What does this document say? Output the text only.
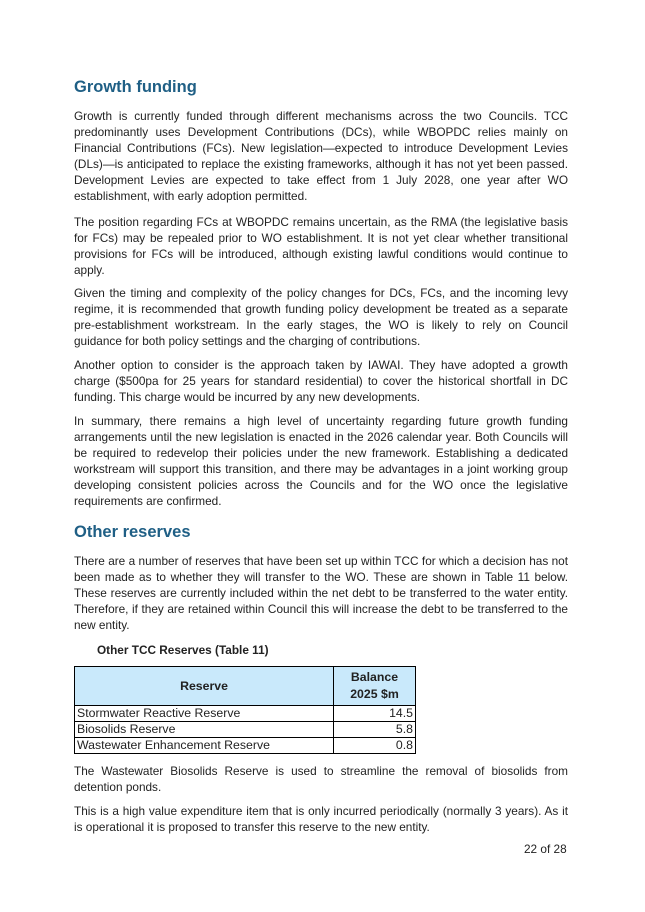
Growth funding

Growth is currently funded through different mechanisms across the two Councils. TCC predominantly uses Development Contributions (DCs), while WBOPDC relies mainly on Financial Contributions (FCs). New legislation—expected to introduce Development Levies (DLs)—is anticipated to replace the existing frameworks, although it has not yet been passed. Development Levies are expected to take effect from 1 July 2028, one year after WO establishment, with early adoption permitted.

The position regarding FCs at WBOPDC remains uncertain, as the RMA (the legislative basis for FCs) may be repealed prior to WO establishment. It is not yet clear whether transitional provisions for FCs will be introduced, although existing lawful conditions would continue to apply.

Given the timing and complexity of the policy changes for DCs, FCs, and the incoming levy regime, it is recommended that growth funding policy development be treated as a separate pre-establishment workstream. In the early stages, the WO is likely to rely on Council guidance for both policy settings and the charging of contributions.

Another option to consider is the approach taken by IAWAI. They have adopted a growth charge ($500pa for 25 years for standard residential) to cover the historical shortfall in DC funding. This charge would be incurred by any new developments.

In summary, there remains a high level of uncertainty regarding future growth funding arrangements until the new legislation is enacted in the 2026 calendar year. Both Councils will be required to redevelop their policies under the new framework. Establishing a dedicated workstream will support this transition, and there may be advantages in a joint working group developing consistent policies across the Councils and for the WO once the legislative requirements are confirmed.

Other reserves

There are a number of reserves that have been set up within TCC for which a decision has not been made as to whether they will transfer to the WO. These are shown in Table 11 below. These reserves are currently included within the net debt to be transferred to the water entity. Therefore, if they are retained within Council this will increase the debt to be transferred to the new entity.

Other TCC Reserves (Table 11)

Reserve	Balance
2025 $m
Stormwater Reactive Reserve	14.5
Biosolids Reserve	5.8
Wastewater Enhancement Reserve	0.8

The Wastewater Biosolids Reserve is used to streamline the removal of biosolids from detention ponds.

This is a high value expenditure item that is only incurred periodically (normally 3 years). As it is operational it is proposed to transfer this reserve to the new entity.

22 of 28
